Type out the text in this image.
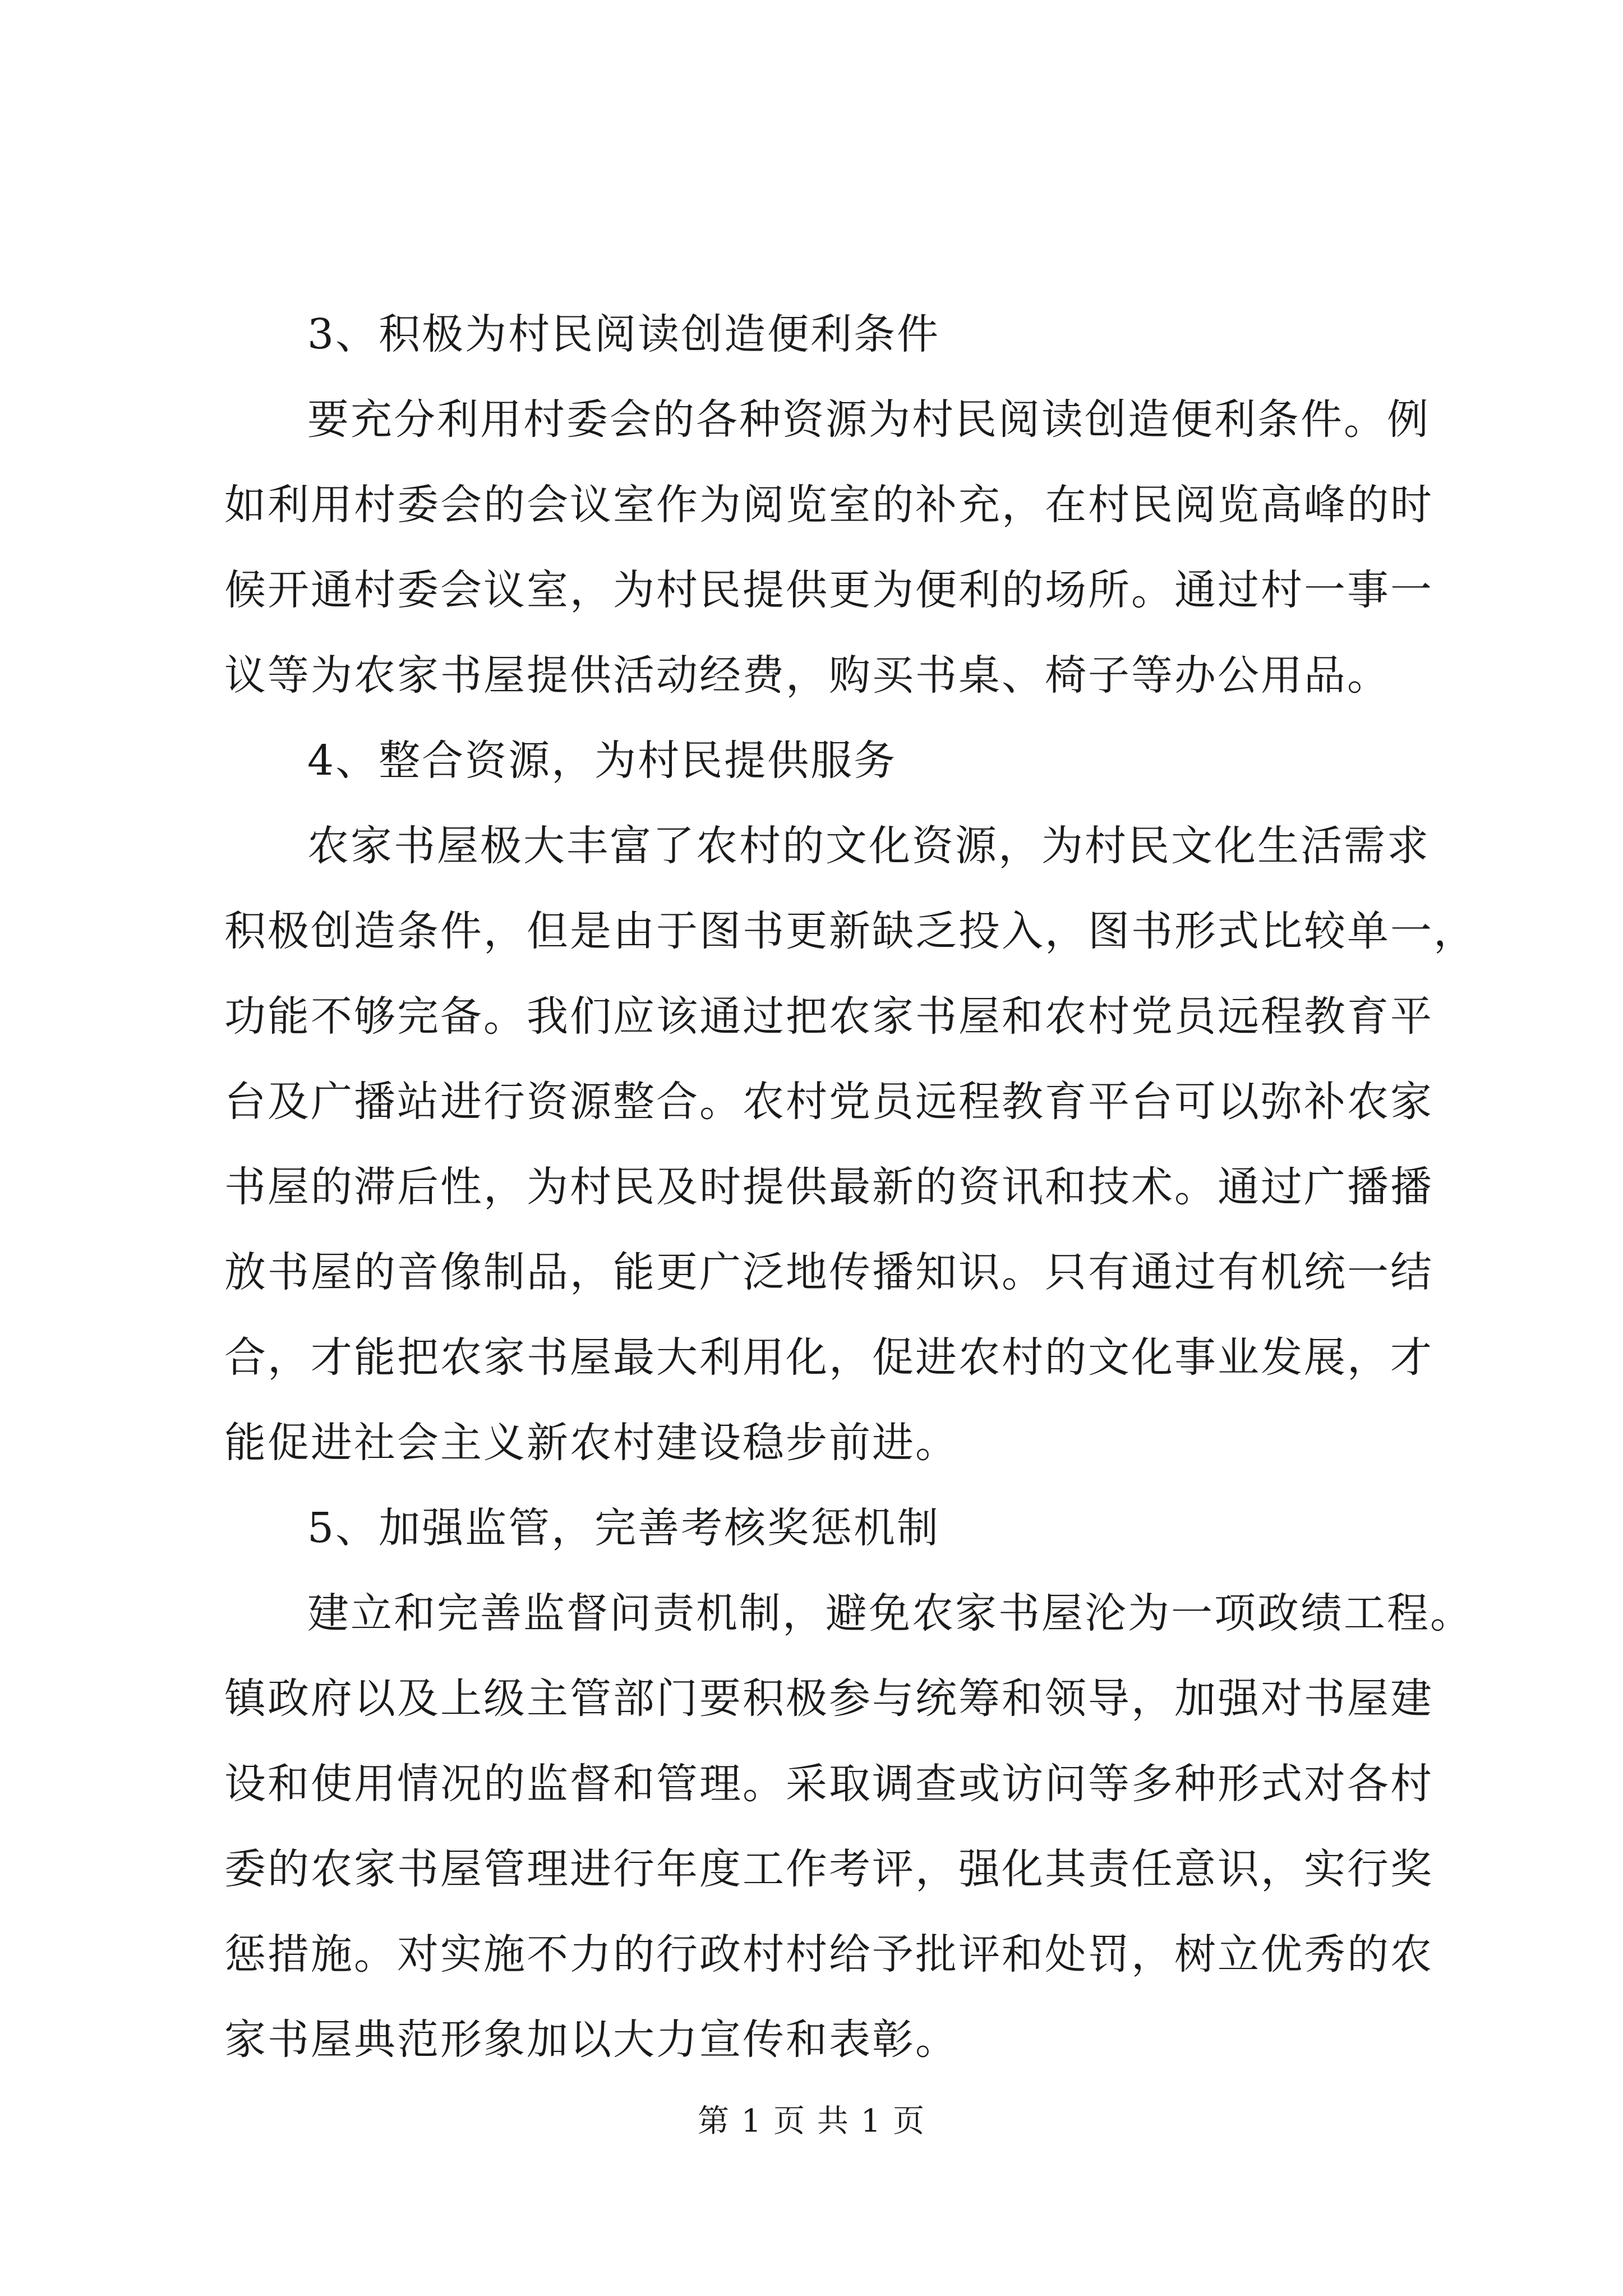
3、积极为村民阅读创造便利条件
要充分利用村委会的各种资源为村民阅读创造便利条件。例
如利用村委会的会议室作为阅览室的补充，在村民阅览高峰的时
候开通村委会议室，为村民提供更为便利的场所。通过村一事一
议等为农家书屋提供活动经费，购买书桌、椅子等办公用品。
4、整合资源，为村民提供服务
农家书屋极大丰富了农村的文化资源，为村民文化生活需求
积极创造条件，但是由于图书更新缺乏投入，图书形式比较单一，
功能不够完备。我们应该通过把农家书屋和农村党员远程教育平
台及广播站进行资源整合。农村党员远程教育平台可以弥补农家
书屋的滞后性，为村民及时提供最新的资讯和技术。通过广播播
放书屋的音像制品，能更广泛地传播知识。只有通过有机统一结
合，才能把农家书屋最大利用化，促进农村的文化事业发展，才
能促进社会主义新农村建设稳步前进。
5、加强监管，完善考核奖惩机制
建立和完善监督问责机制，避免农家书屋沦为一项政绩工程。
镇政府以及上级主管部门要积极参与统筹和领导，加强对书屋建
设和使用情况的监督和管理。采取调查或访问等多种形式对各村
委的农家书屋管理进行年度工作考评，强化其责任意识，实行奖
惩措施。对实施不力的行政村村给予批评和处罚，树立优秀的农
家书屋典范形象加以大力宣传和表彰。
第 1 页 共 1 页
